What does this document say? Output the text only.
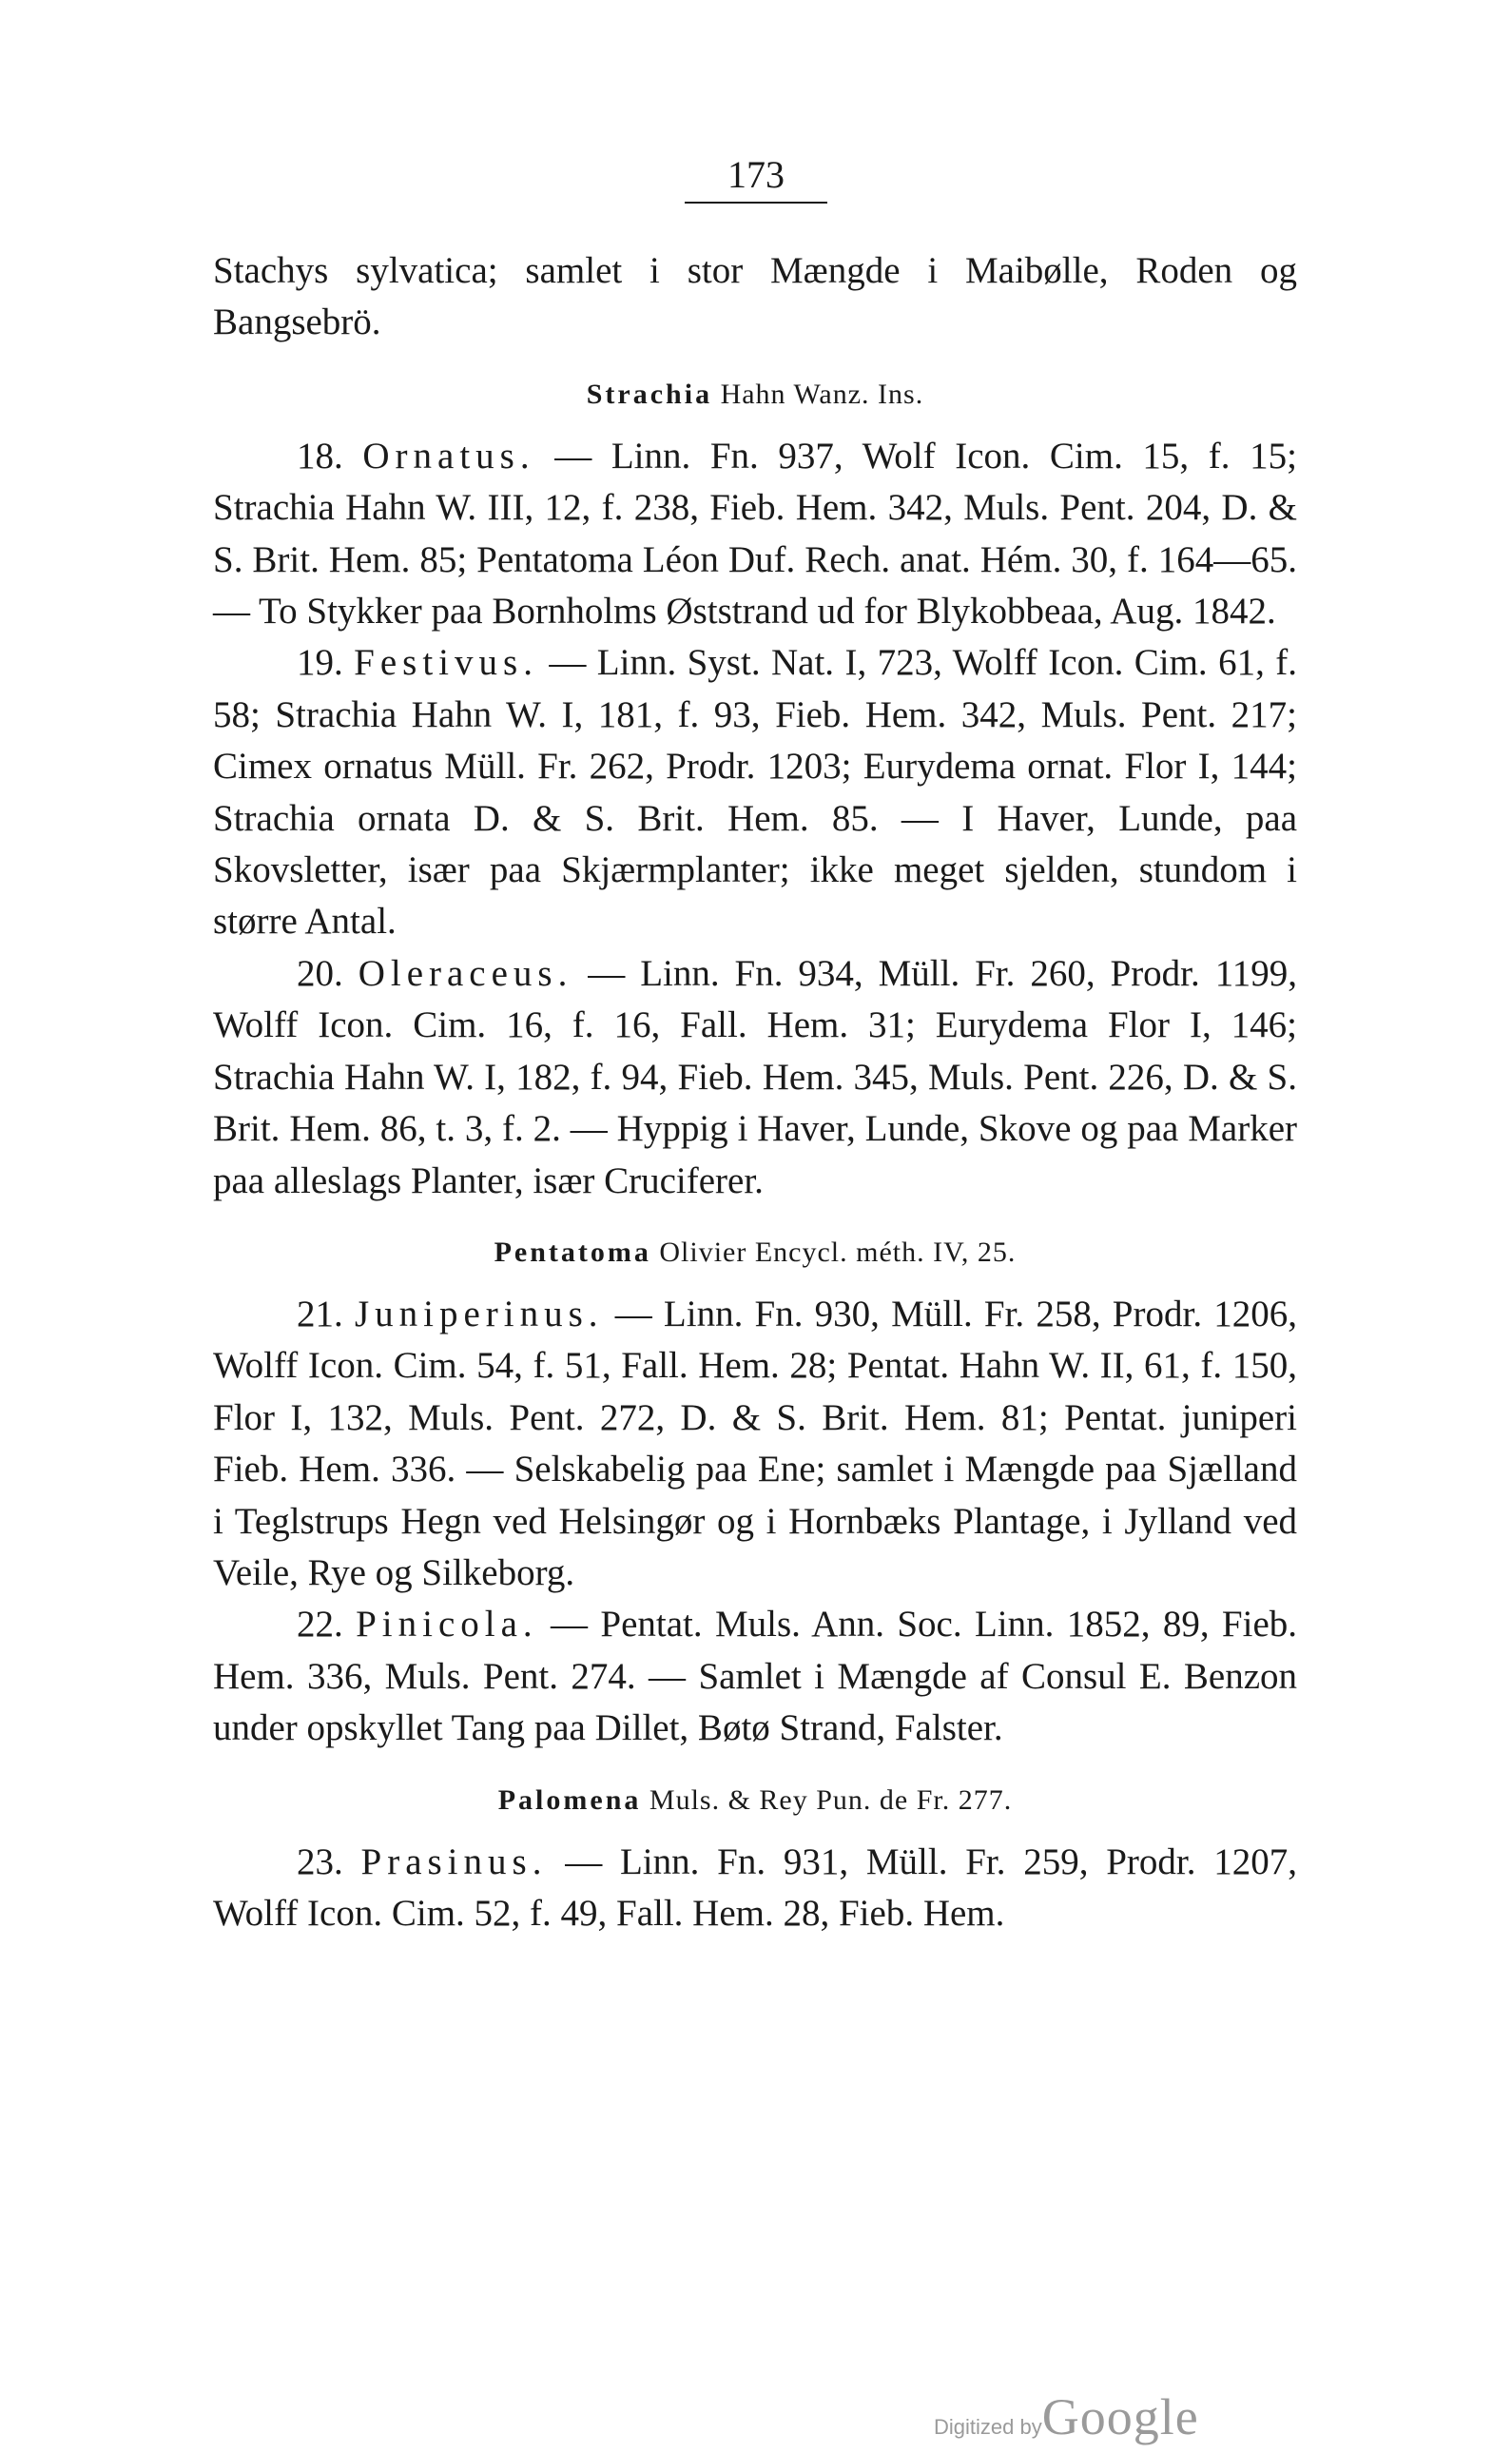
173

Stachys sylvatica; samlet i stor Mængde i Maibølle, Roden og Bangsebrö.

Strachia Hahn Wanz. Ins.

18. Ornatus. — Linn. Fn. 937, Wolf Icon. Cim. 15, f. 15; Strachia Hahn W. III, 12, f. 238, Fieb. Hem. 342, Muls. Pent. 204, D. & S. Brit. Hem. 85; Pentatoma Léon Duf. Rech. anat. Hém. 30, f. 164—65. — To Stykker paa Bornholms Øststrand ud for Blykobbeaa, Aug. 1842.

19. Festivus. — Linn. Syst. Nat. I, 723, Wolff Icon. Cim. 61, f. 58; Strachia Hahn W. I, 181, f. 93, Fieb. Hem. 342, Muls. Pent. 217; Cimex ornatus Müll. Fr. 262, Prodr. 1203; Eurydema ornat. Flor I, 144; Strachia ornata D. & S. Brit. Hem. 85. — I Haver, Lunde, paa Skovsletter, især paa Skjærmplanter; ikke meget sjelden, stundom i større Antal.

20. Oleraceus. — Linn. Fn. 934, Müll. Fr. 260, Prodr. 1199, Wolff Icon. Cim. 16, f. 16, Fall. Hem. 31; Eurydema Flor I, 146; Strachia Hahn W. I, 182, f. 94, Fieb. Hem. 345, Muls. Pent. 226, D. & S. Brit. Hem. 86, t. 3, f. 2. — Hyppig i Haver, Lunde, Skove og paa Marker paa alleslags Planter, især Cruciferer.

Pentatoma Olivier Encycl. méth. IV, 25.

21. Juniperinus. — Linn. Fn. 930, Müll. Fr. 258, Prodr. 1206, Wolff Icon. Cim. 54, f. 51, Fall. Hem. 28; Pentat. Hahn W. II, 61, f. 150, Flor I, 132, Muls. Pent. 272, D. & S. Brit. Hem. 81; Pentat. juniperi Fieb. Hem. 336. — Selskabelig paa Ene; samlet i Mængde paa Sjælland i Teglstrups Hegn ved Helsingør og i Hornbæks Plantage, i Jylland ved Veile, Rye og Silkeborg.

22. Pinicola. — Pentat. Muls. Ann. Soc. Linn. 1852, 89, Fieb. Hem. 336, Muls. Pent. 274. — Samlet i Mængde af Consul E. Benzon under opskyllet Tang paa Dillet, Bøtø Strand, Falster.

Palomena Muls. & Rey Pun. de Fr. 277.

23. Prasinus. — Linn. Fn. 931, Müll. Fr. 259, Prodr. 1207, Wolff Icon. Cim. 52, f. 49, Fall. Hem. 28, Fieb. Hem.

Digitized byGoogle
